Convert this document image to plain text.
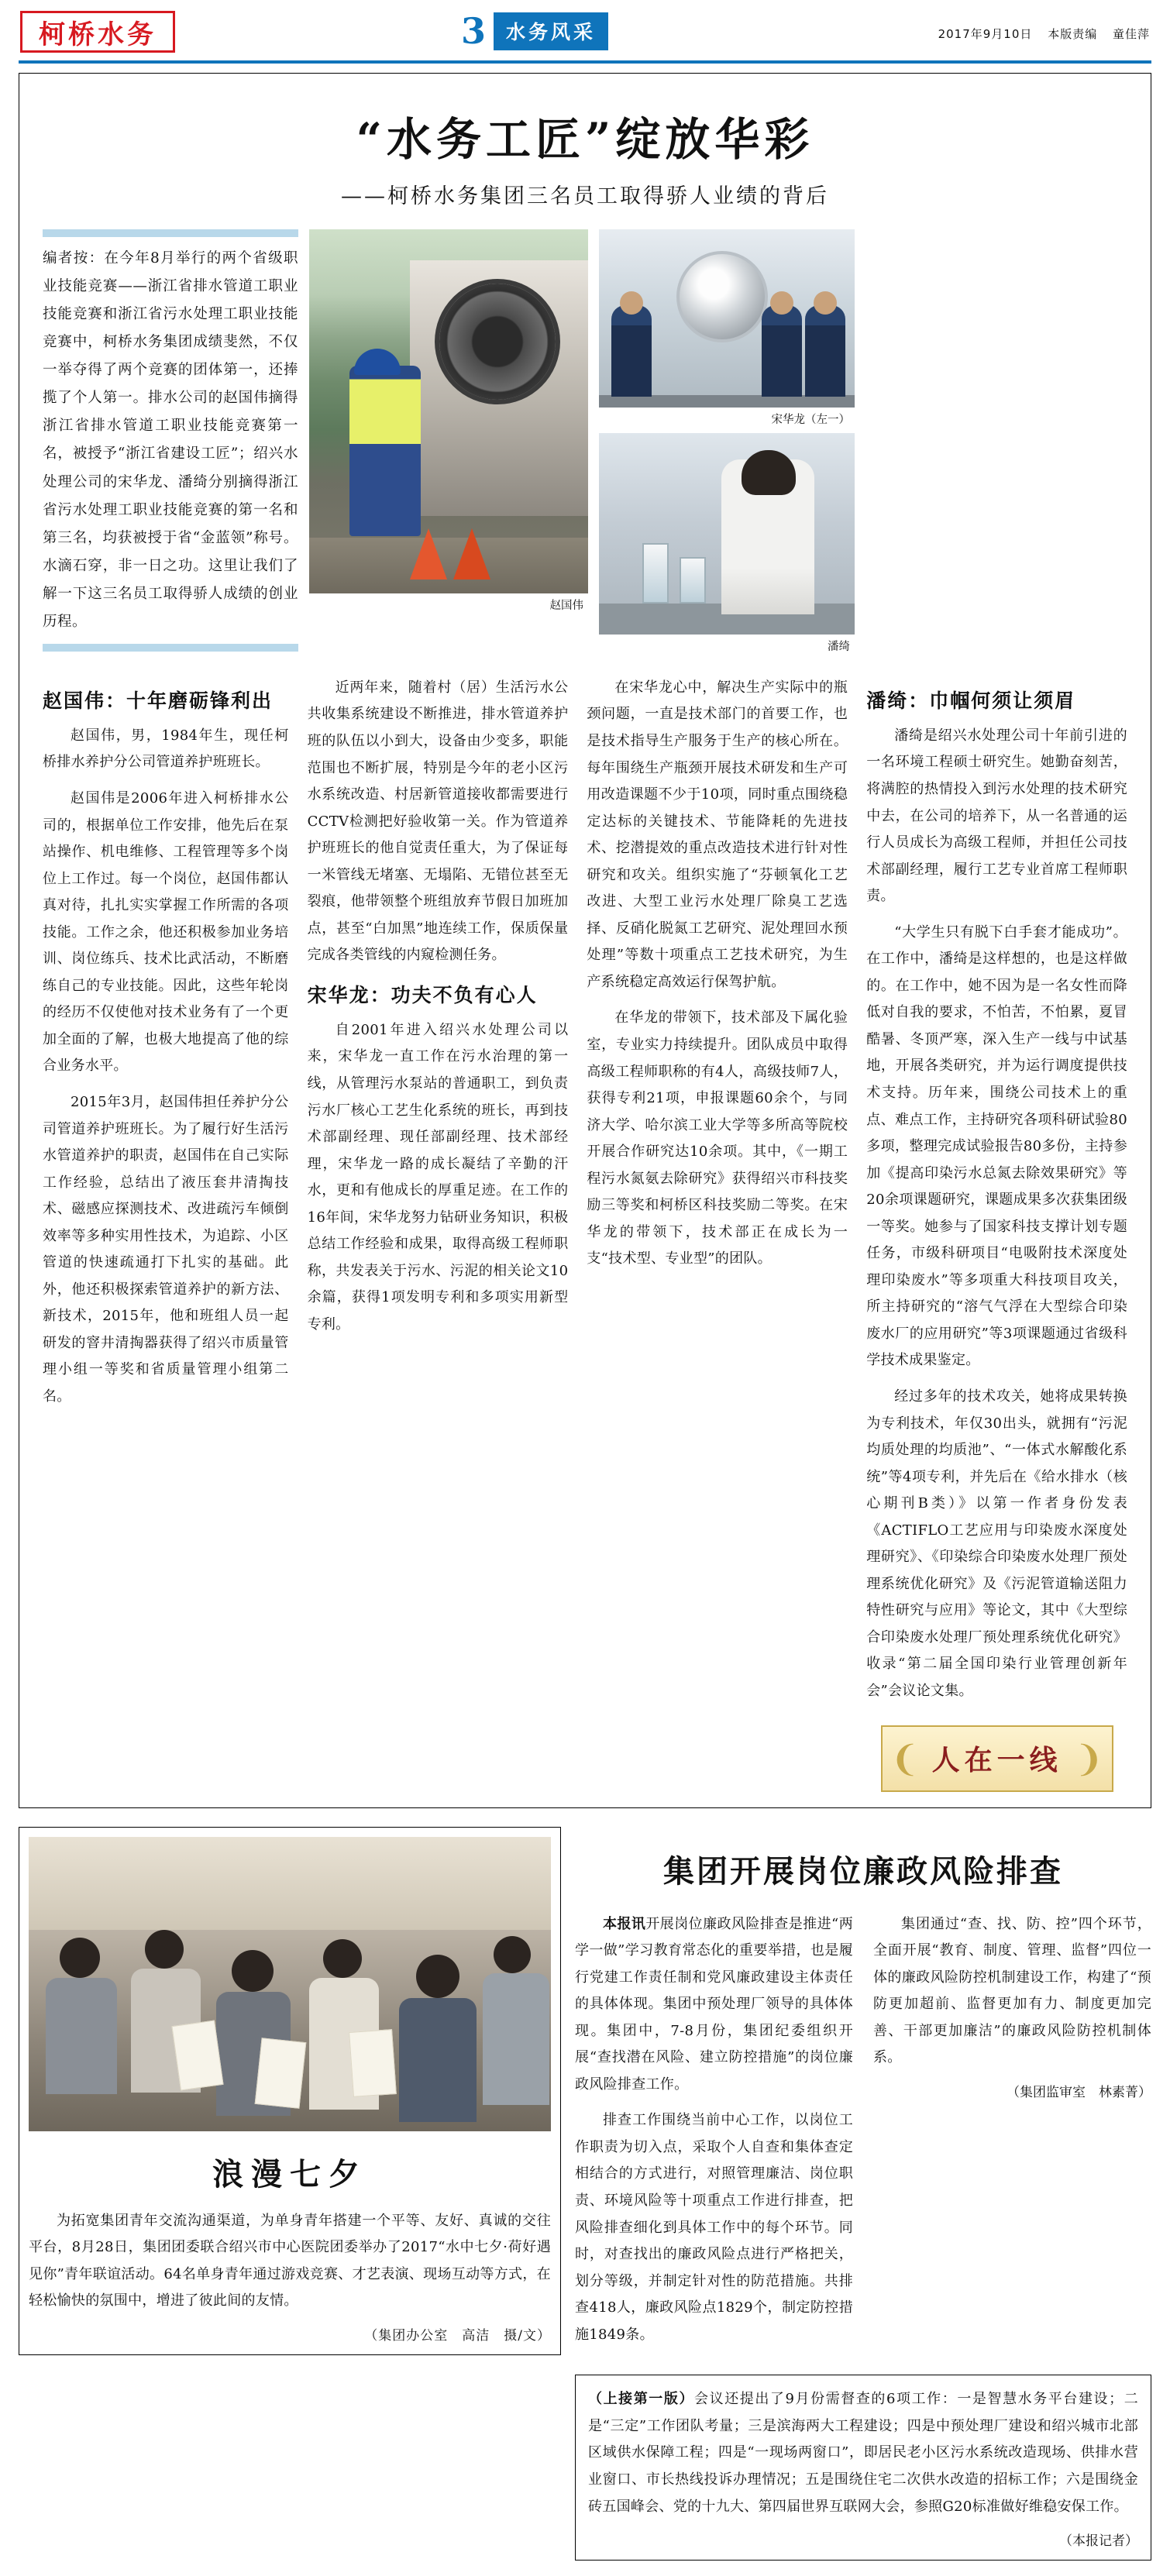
柯桥水务	3	水务风采	2017年9月10日 本版责编 童佳萍
“水务工匠”绽放华彩
——柯桥水务集团三名员工取得骄人业绩的背后
编者按：在今年8月举行的两个省级职业技能竞赛——浙江省排水管道工职业技能竞赛和浙江省污水处理工职业技能竞赛中，柯桥水务集团成绩斐然，不仅一举夺得了两个竞赛的团体第一，还捧揽了个人第一。排水公司的赵国伟摘得浙江省排水管道工职业技能竞赛第一名，被授予“浙江省建设工匠”；绍兴水处理公司的宋华龙、潘绮分别摘得浙江省污水处理工职业技能竞赛的第一名和第三名，均获被授于省“金蓝领”称号。水滴石穿，非一日之功。这里让我们了解一下这三名员工取得骄人成绩的创业历程。
赵国伟
宋华龙（左一）
潘绮
赵国伟：十年磨砺锋利出

赵国伟，男，1984年生，现任柯桥排水养护分公司管道养护班班长。

赵国伟是2006年进入柯桥排水公司的，根据单位工作安排，他先后在泵站操作、机电维修、工程管理等多个岗位上工作过。每一个岗位，赵国伟都认真对待，扎扎实实掌握工作所需的各项技能。工作之余，他还积极参加业务培训、岗位练兵、技术比武活动，不断磨练自己的专业技能。因此，这些年轮岗的经历不仅使他对技术业务有了一个更加全面的了解，也极大地提高了他的综合业务水平。

2015年3月，赵国伟担任养护分公司管道养护班班长。为了履行好生活污水管道养护的职责，赵国伟在自己实际工作经验，总结出了液压套井清掏技术、磁感应探测技术、改进疏污车倾倒效率等多种实用性技术，为追踪、小区管道的快速疏通打下扎实的基础。此外，他还积极探索管道养护的新方法、新技术，2015年，他和班组人员一起研发的窨井清掏器获得了绍兴市质量管理小组一等奖和省质量管理小组第二名。

近两年来，随着村（居）生活污水公共收集系统建设不断推进，排水管道养护班的队伍以小到大，设备由少变多，职能范围也不断扩展，特别是今年的老小区污水系统改造、村居新管道接收都需要进行CCTV检测把好验收第一关。作为管道养护班班长的他自觉责任重大，为了保证每一米管线无堵塞、无塌陷、无错位甚至无裂痕，他带领整个班组放弃节假日加班加点，甚至“白加黑”地连续工作，保质保量完成各类管线的内窥检测任务。

宋华龙：功夫不负有心人

自2001年进入绍兴水处理公司以来，宋华龙一直工作在污水治理的第一线，从管理污水泵站的普通职工，到负责污水厂核心工艺生化系统的班长，再到技术部副经理、现任部副经理、技术部经理，宋华龙一路的成长凝结了辛勤的汗水，更和有他成长的厚重足迹。在工作的16年间，宋华龙努力钻研业务知识，积极总结工作经验和成果，取得高级工程师职称，共发表关于污水、污泥的相关论文10余篇，获得1项发明专利和多项实用新型专利。

在宋华龙心中，解决生产实际中的瓶颈问题，一直是技术部门的首要工作，也是技术指导生产服务于生产的核心所在。每年围绕生产瓶颈开展技术研发和生产可用改造课题不少于10项，同时重点围绕稳定达标的关键技术、节能降耗的先进技术、挖潜提效的重点改造技术进行针对性研究和攻关。组织实施了“芬顿氧化工艺改进、大型工业污水处理厂除臭工艺选择、反硝化脱氮工艺研究、泥处理回水预处理”等数十项重点工艺技术研究，为生产系统稳定高效运行保驾护航。

在华龙的带领下，技术部及下属化验室，专业实力持续提升。团队成员中取得高级工程师职称的有4人，高级技师7人，获得专利21项，申报课题60余个，与同济大学、哈尔滨工业大学等多所高等院校开展合作研究达10余项。其中，《一期工程污水氮氨去除研究》获得绍兴市科技奖励三等奖和柯桥区科技奖励二等奖。在宋华龙的带领下，技术部正在成长为一支“技术型、专业型”的团队。

潘绮：巾帼何须让须眉

潘绮是绍兴水处理公司十年前引进的一名环境工程硕士研究生。她勤奋刻苦，将满腔的热情投入到污水处理的技术研究中去，在公司的培养下，从一名普通的运行人员成长为高级工程师，并担任公司技术部副经理，履行工艺专业首席工程师职责。

“大学生只有脱下白手套才能成功”。在工作中，潘绮是这样想的，也是这样做的。在工作中，她不因为是一名女性而降低对自我的要求，不怕苦，不怕累，夏冒酷暑、冬顶严寒，深入生产一线与中试基地，开展各类研究，并为运行调度提供技术支持。历年来，围绕公司技术上的重点、难点工作，主持研究各项科研试验80多项，整理完成试验报告80多份，主持参加《提高印染污水总氮去除效果研究》等20余项课题研究，课题成果多次获集团级一等奖。她参与了国家科技支撑计划专题任务，市级科研项目“电吸附技术深度处理印染废水”等多项重大科技项目攻关，所主持研究的“溶气气浮在大型综合印染废水厂的应用研究”等3项课题通过省级科学技术成果鉴定。

经过多年的技术攻关，她将成果转换为专利技术，年仅30出头，就拥有“污泥均质处理的均质池”、“一体式水解酸化系统”等4项专利，并先后在《给水排水（核心期刊B类）》以第一作者身份发表《ACTIFLO工艺应用与印染废水深度处理研究》、《印染综合印染废水处理厂预处理系统优化研究》及《污泥管道输送阻力特性研究与应用》等论文，其中《大型综合印染废水处理厂预处理系统优化研究》收录“第二届全国印染行业管理创新年会”会议论文集。

❨ 人在一线 ❩
浪漫七夕

为拓宽集团青年交流沟通渠道，为单身青年搭建一个平等、友好、真诚的交往平台，8月28日，集团团委联合绍兴市中心医院团委举办了2017“水中七夕·荷好遇见你”青年联谊活动。64名单身青年通过游戏竞赛、才艺表演、现场互动等方式，在轻松愉快的氛围中，增进了彼此间的友情。

（集团办公室　高洁　摄/文）
集团开展岗位廉政风险排查

本报讯开展岗位廉政风险排查是推进“两学一做”学习教育常态化的重要举措，也是履行党建工作责任制和党风廉政建设主体责任的具体体现。集团中预处理厂领导的具体体现。集团中，7-8月份，集团纪委组织开展“查找潜在风险、建立防控措施”的岗位廉政风险排查工作。

排查工作围绕当前中心工作，以岗位工作职责为切入点，采取个人自查和集体查定相结合的方式进行，对照管理廉洁、岗位职责、环境风险等十项重点工作进行排查，把风险排查细化到具体工作中的每个环节。同时，对查找出的廉政风险点进行严格把关，划分等级，并制定针对性的防范措施。共排查418人，廉政风险点1829个，制定防控措施1849条。

集团通过“查、找、防、控”四个环节，全面开展“教育、制度、管理、监督”四位一体的廉政风险防控机制建设工作，构建了“预防更加超前、监督更加有力、制度更加完善、干部更加廉洁”的廉政风险防控机制体系。

（集团监审室　林素菁）

（上接第一版）会议还提出了9月份需督查的6项工作：一是智慧水务平台建设；二是“三定”工作团队考量；三是滨海两大工程建设；四是中预处理厂建设和绍兴城市北部区域供水保障工程；四是“一现场两窗口”，即居民老小区污水系统改造现场、供排水营业窗口、市长热线投诉办理情况；五是围绕住宅二次供水改造的招标工作；六是围绕金砖五国峰会、党的十九大、第四届世界互联网大会，参照G20标准做好维稳安保工作。

（本报记者）
